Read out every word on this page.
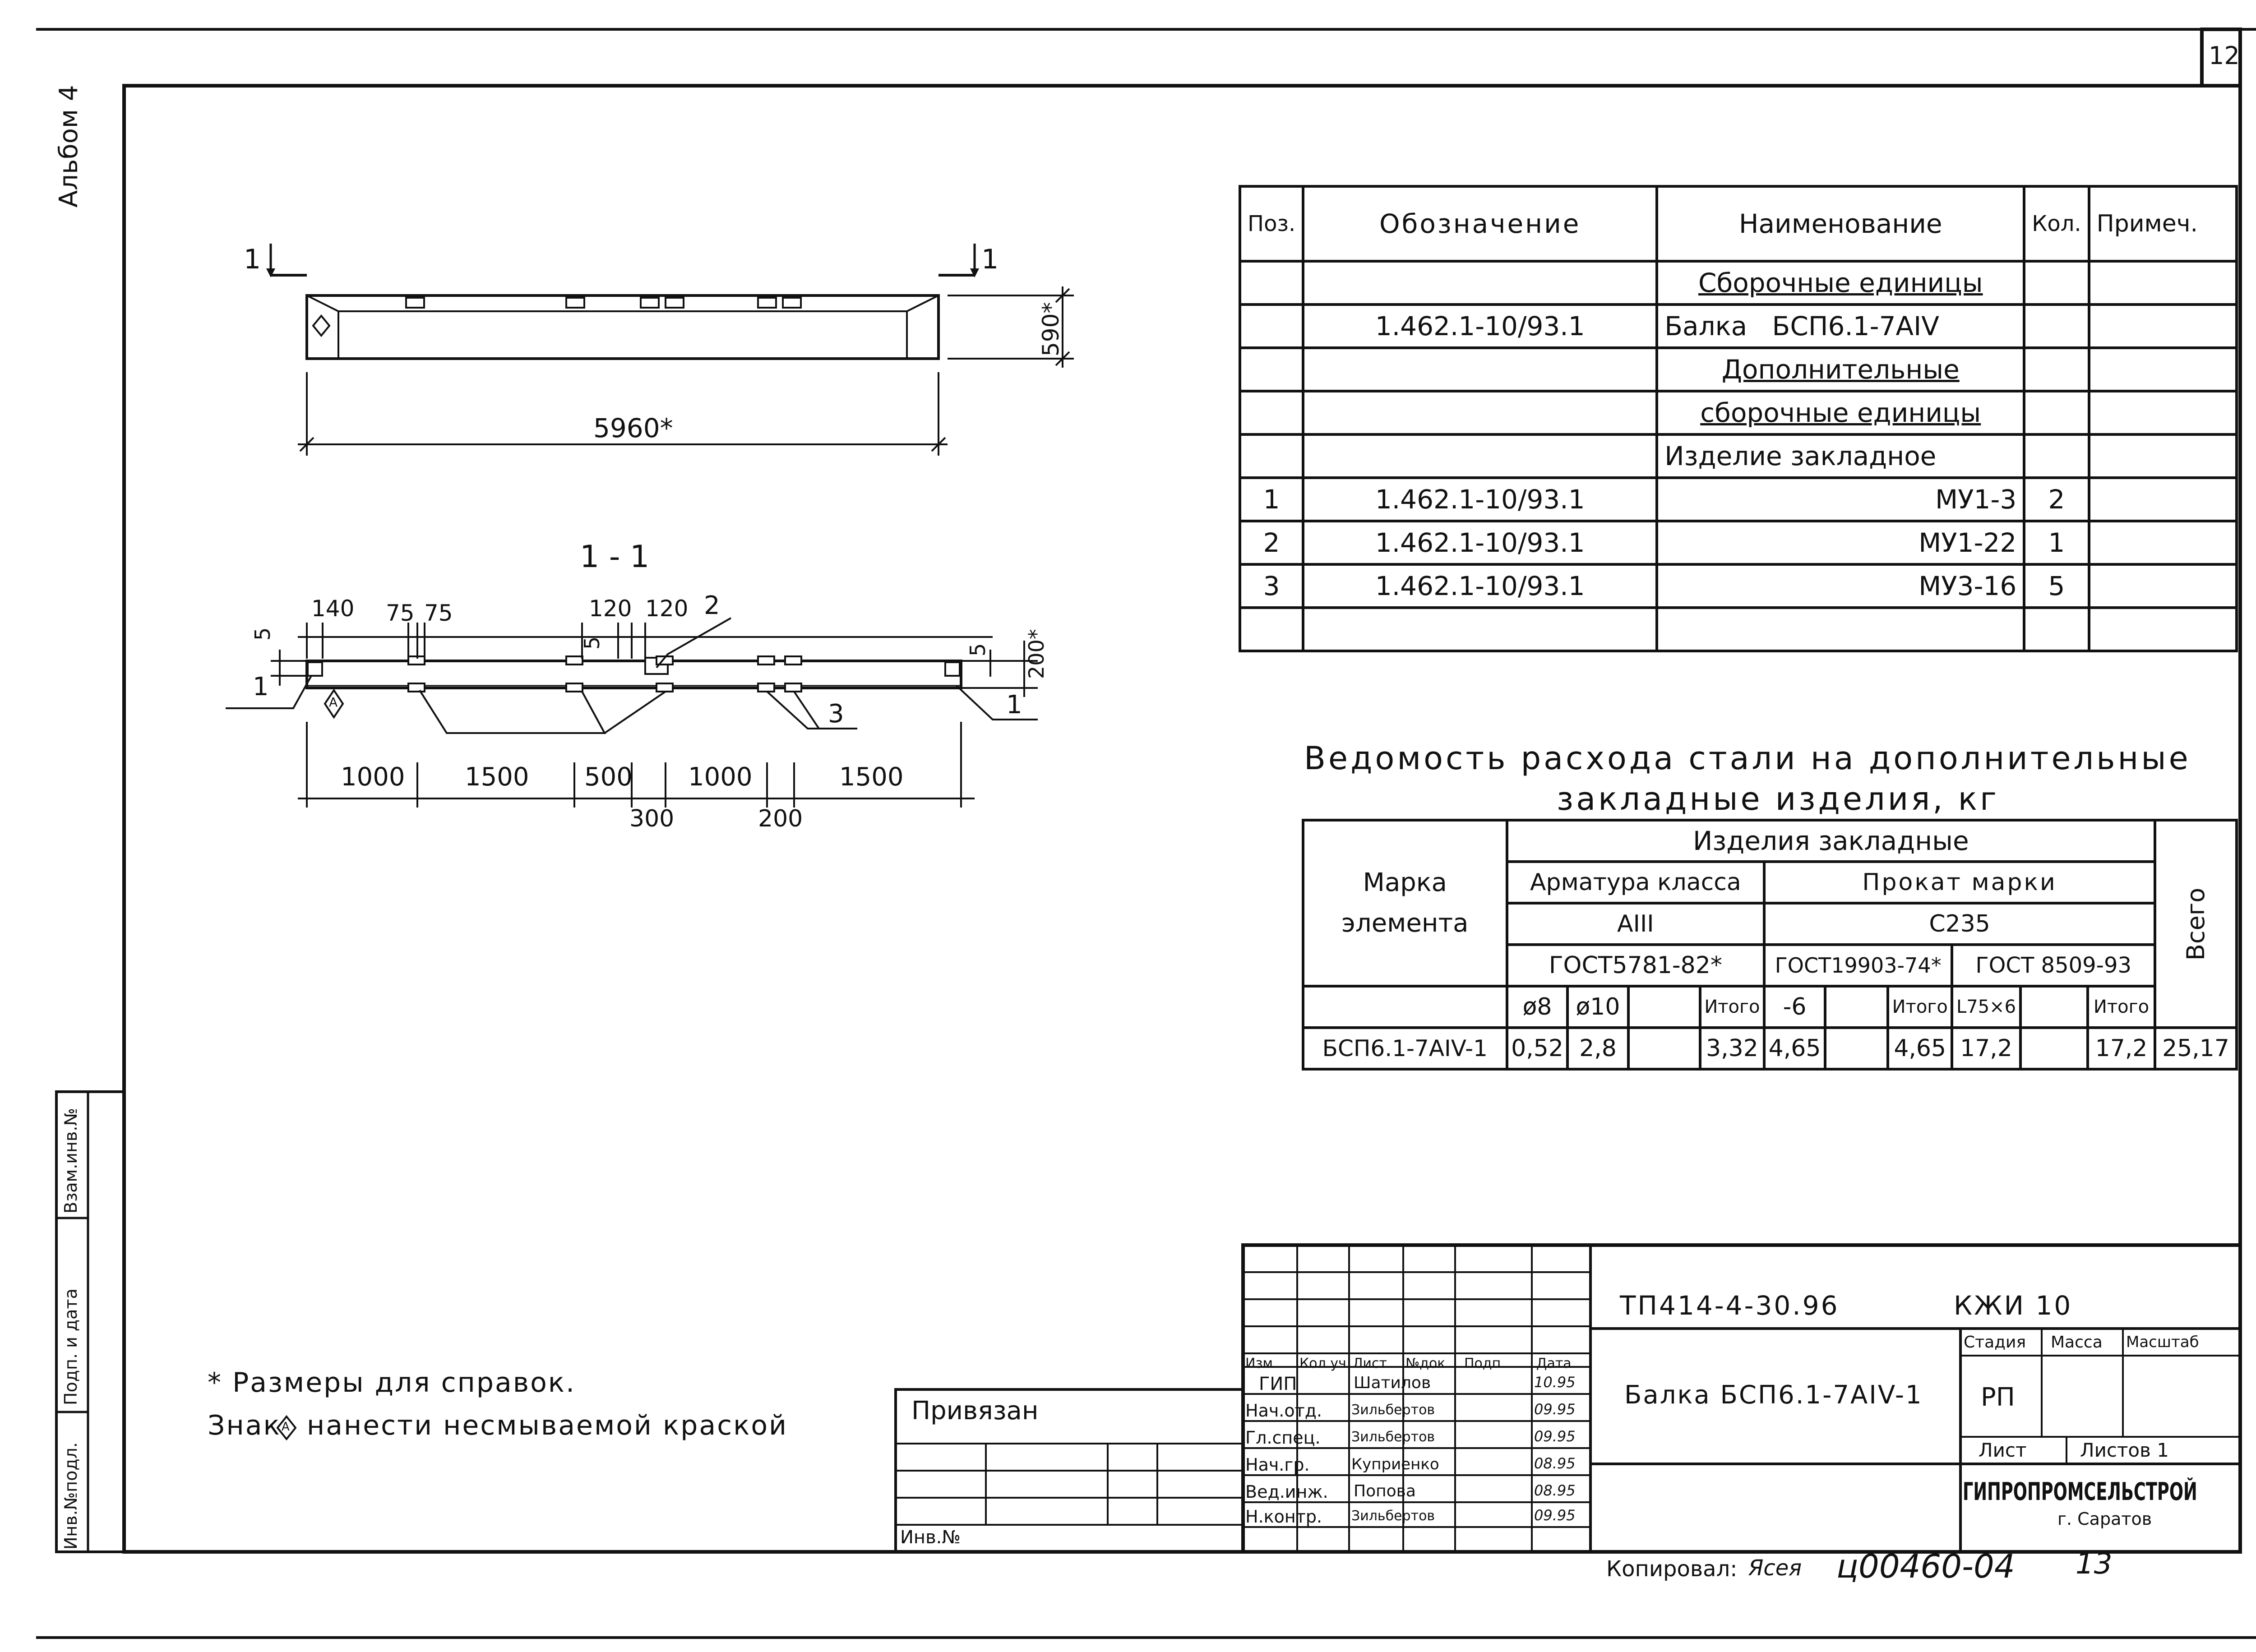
12
Альбом 4
1	1
5960*
590*
1 - 1
140 75 75	120 120
5
5
5 200*
1
2
3	1
А
1000 1500 500 1000	1500
300	200
Поз.	Обозначение	Наименование	Кол.	Примеч.
		Сборочные единицы		
	1.462.1-10/93.1	Балка   БСП6.1-7АIV		
		Дополнительные		
		сборочные единицы		
		Изделие закладное		
1	1.462.1-10/93.1	МУ1-3	2	
2	1.462.1-10/93.1	МУ1-22	1	
3	1.462.1-10/93.1	МУ3-16	5	

Ведомость расхода стали на дополнительные
закладные изделия, кг
Марка элемента	Изделия закладные										Всего

	Арматура класса				Прокат марки						
	АIII				С235						
	ГОСТ5781-82*				ГОСТ19903-74*			ГОСТ 8509-93			
	ø8	ø10		Итого	-6		Итого	L75×6		Итого	
БСП6.1-7АIV-1	0,52	2,8		3,32	4,65		4,65	17,2		17,2	25,17
* Размеры для справок.
Знак А нанести несмываемой краской
Инв.№подл.
Подп. и дата
Взам.инв.№
Привязан
Инв.№
Изм. Кол.уч Лист №док Подп. Дата
ГИП	Шатилов	10.95
Нач.отд. Зильбертов	09.95
Гл.спец. Зильбертов	09.95
Нач.гр.	Куприенко	08.95
Вед.инж. Попова	08.95
Н.контр. Зильбертов	09.95
ТП414-4-30.96	КЖИ 10
Балка БСП6.1-7АIV-1
Стадия Масса Масштаб
РП
Лист	Листов 1
ГИПРОПРОМСЕЛЬСТРОЙ
г. Саратов
Копировал: Ясея ц00460-04 13
